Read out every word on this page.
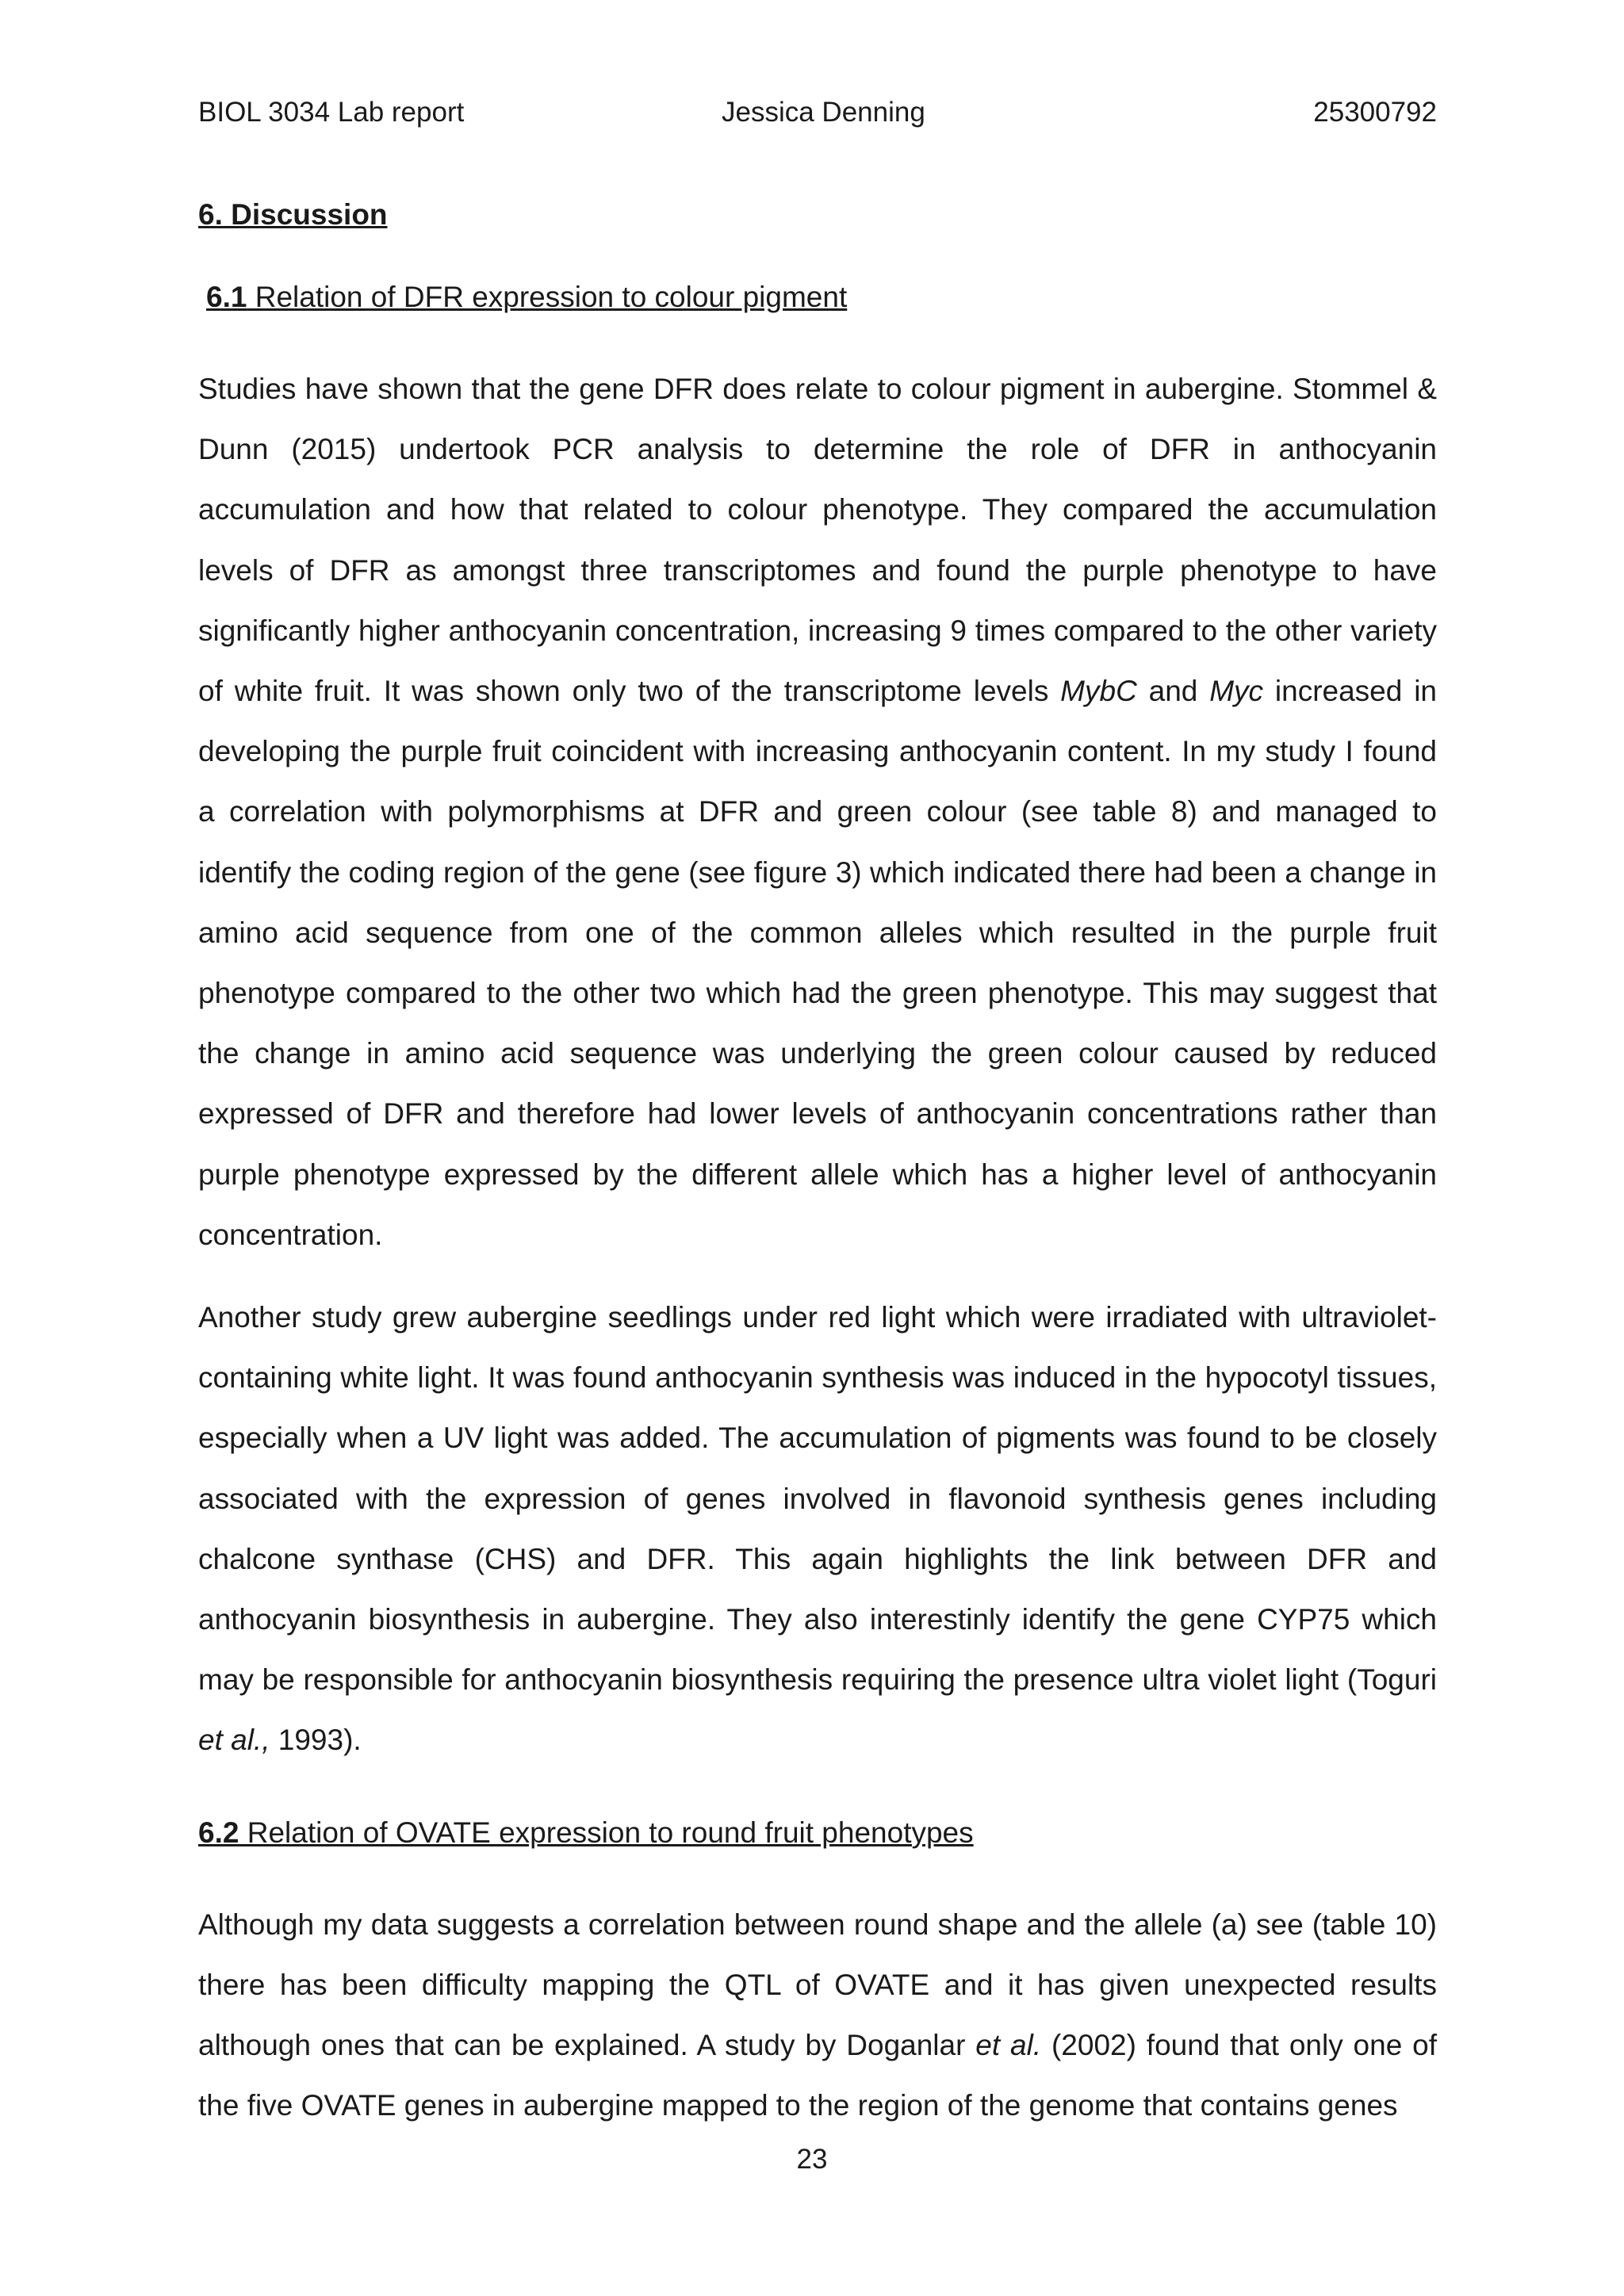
BIOL 3034 Lab report	Jessica Denning	25300792
6. Discussion
6.1 Relation of DFR expression to colour pigment

Studies have shown that the gene DFR does relate to colour pigment in aubergine. Stommel & Dunn (2015) undertook PCR analysis to determine the role of DFR in anthocyanin accumulation and how that related to colour phenotype. They compared the accumulation levels of DFR as amongst three transcriptomes and found the purple phenotype to have significantly higher anthocyanin concentration, increasing 9 times compared to the other variety of white fruit. It was shown only two of the transcriptome levels MybC and Myc increased in developing the purple fruit coincident with increasing anthocyanin content. In my study I found a correlation with polymorphisms at DFR and green colour (see table 8) and managed to identify the coding region of the gene (see figure 3) which indicated there had been a change in amino acid sequence from one of the common alleles which resulted in the purple fruit phenotype compared to the other two which had the green phenotype. This may suggest that the change in amino acid sequence was underlying the green colour caused by reduced expressed of DFR and therefore had lower levels of anthocyanin concentrations rather than purple phenotype expressed by the different allele which has a higher level of anthocyanin concentration.

Another study grew aubergine seedlings under red light which were irradiated with ultraviolet-containing white light. It was found anthocyanin synthesis was induced in the hypocotyl tissues, especially when a UV light was added. The accumulation of pigments was found to be closely associated with the expression of genes involved in flavonoid synthesis genes including chalcone synthase (CHS) and DFR. This again highlights the link between DFR and anthocyanin biosynthesis in aubergine. They also interestinly identify the gene CYP75 which may be responsible for anthocyanin biosynthesis requiring the presence ultra violet light (Toguri et al., 1993).

6.2 Relation of OVATE expression to round fruit phenotypes

Although my data suggests a correlation between round shape and the allele (a) see (table 10) there has been difficulty mapping the QTL of OVATE and it has given unexpected results although ones that can be explained. A study by Doganlar et al. (2002) found that only one of the five OVATE genes in aubergine mapped to the region of the genome that contains genes

23
